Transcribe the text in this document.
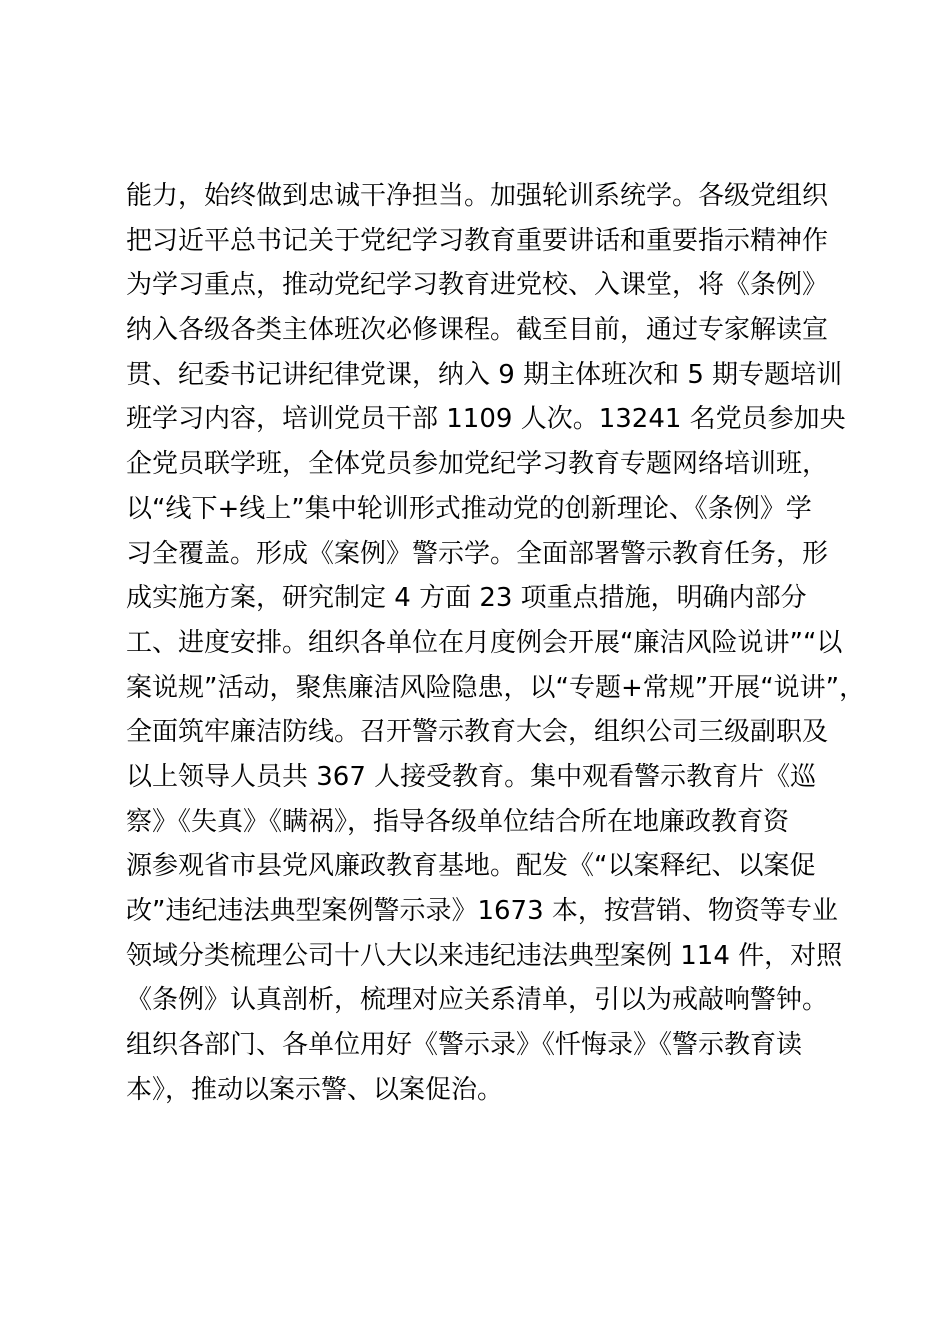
能力，始终做到忠诚干净担当。加强轮训系统学。各级党组织
把习近平总书记关于党纪学习教育重要讲话和重要指示精神作
为学习重点，推动党纪学习教育进党校、入课堂，将《条例》
纳入各级各类主体班次必修课程。截至目前，通过专家解读宣
贯、纪委书记讲纪律党课，纳入 9 期主体班次和 5 期专题培训
班学习内容，培训党员干部 1109 人次。13241 名党员参加央
企党员联学班，全体党员参加党纪学习教育专题网络培训班，
以“线下+线上”集中轮训形式推动党的创新理论、《条例》学
习全覆盖。形成《案例》警示学。全面部署警示教育任务，形
成实施方案，研究制定 4 方面 23 项重点措施，明确内部分
工、进度安排。组织各单位在月度例会开展“廉洁风险说讲”“以
案说规”活动，聚焦廉洁风险隐患，以“专题+常规”开展“说讲”，
全面筑牢廉洁防线。召开警示教育大会，组织公司三级副职及
以上领导人员共 367 人接受教育。集中观看警示教育片《巡
察》《失真》《瞒祸》，指导各级单位结合所在地廉政教育资
源参观省市县党风廉政教育基地。配发《“以案释纪、以案促
改”违纪违法典型案例警示录》1673 本，按营销、物资等专业
领域分类梳理公司十八大以来违纪违法典型案例 114 件，对照
《条例》认真剖析，梳理对应关系清单，引以为戒敲响警钟。
组织各部门、各单位用好《警示录》《忏悔录》《警示教育读
本》，推动以案示警、以案促治。
